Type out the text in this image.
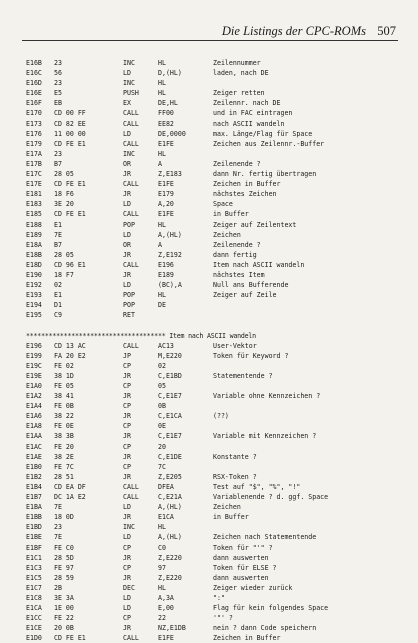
Die Listings der CPC-ROMs 507
E16B 23	INC	HL	Zeilennummer
E16C 56	LD	D,(HL)	laden, nach DE
E16D 23	INC	HL
E16E E5	PUSH	HL	Zeiger retten
E16F EB	EX	DE,HL	Zeilennr. nach DE
E170 CD 00 FF	CALL	FF00	und in FAC eintragen
E173 CD 82 EE	CALL	EE82	nach ASCII wandeln
E176 11 00 00	LD	DE,0000	max. Länge/Flag für Space
E179 CD FE E1	CALL	E1FE	Zeichen aus Zeilennr.-Buffer
E17A 23	INC	HL
E17B B7	OR	A	Zeilenende ?
E17C 28 05	JR	Z,E183	dann Nr. fertig übertragen
E17E CD FE E1	CALL	E1FE	Zeichen in Buffer
E181 18 F6	JR	E179	nächstes Zeichen
E183 3E 20	LD	A,20	Space
E185 CD FE E1	CALL	E1FE	in Buffer
E188 E1	POP	HL	Zeiger auf Zeilentext
E189 7E	LD	A,(HL)	Zeichen
E18A B7	OR	A	Zeilenende ?
E18B 28 05	JR	Z,E192	dann fertig
E18D CD 96 E1	CALL	E196	Item nach ASCII wandeln
E190 18 F7	JR	E189	nächstes Item
E192 02	LD	(BC),A	Null ans Bufferende
E193 E1	POP	HL	Zeiger auf Zeile
E194 D1	POP	DE
E195 C9	RET
************************************* Item nach ASCII wandeln
E196 CD 13 AC	CALL	AC13	User-Vektor
E199 FA 20 E2	JP	M,E220	Token für Keyword ?
E19C FE 02	CP	02
E19E 38 1D	JR	C,E1BD	Statementende ?
E1A0 FE 05	CP	05
E1A2 38 41	JR	C,E1E7	Variable ohne Kennzeichen ?
E1A4 FE 0B	CP	0B
E1A6 38 22	JR	C,E1CA	(??)
E1A8 FE 0E	CP	0E
E1AA 38 3B	JR	C,E1E7	Variable mit Kennzeichen ?
E1AC FE 20	CP	20
E1AE 38 2E	JR	C,E1DE	Konstante ?
E1B0 FE 7C	CP	7C
E1B2 28 51	JR	Z,E205	RSX-Token ?
E1B4 CD EA DF	CALL	DFEA	Test auf "$", "%", "!"
E1B7 DC 1A E2	CALL	C,E21A	Variablenende ? d. ggf. Space
E1BA 7E	LD	A,(HL)	Zeichen
E1BB 18 0D	JR	E1CA	in Buffer
E1BD 23	INC	HL
E1BE 7E	LD	A,(HL)	Zeichen nach Statementende
E1BF FE C0	CP	C0	Token für "'" ?
E1C1 28 5D	JR	Z,E220	dann auswerten
E1C3 FE 97	CP	97	Token für ELSE ?
E1C5 28 59	JR	Z,E220	dann auswerten
E1C7 2B	DEC	HL	Zeiger wieder zurück
E1C8 3E 3A	LD	A,3A	":"
E1CA 1E 00	LD	E,00	Flag für kein folgendes Space
E1CC FE 22	CP	22	'"' ?
E1CE 20 0B	JR	NZ,E1DB	nein ? dann Code speichern
E1D0 CD FE E1	CALL	E1FE	Zeichen in Buffer
